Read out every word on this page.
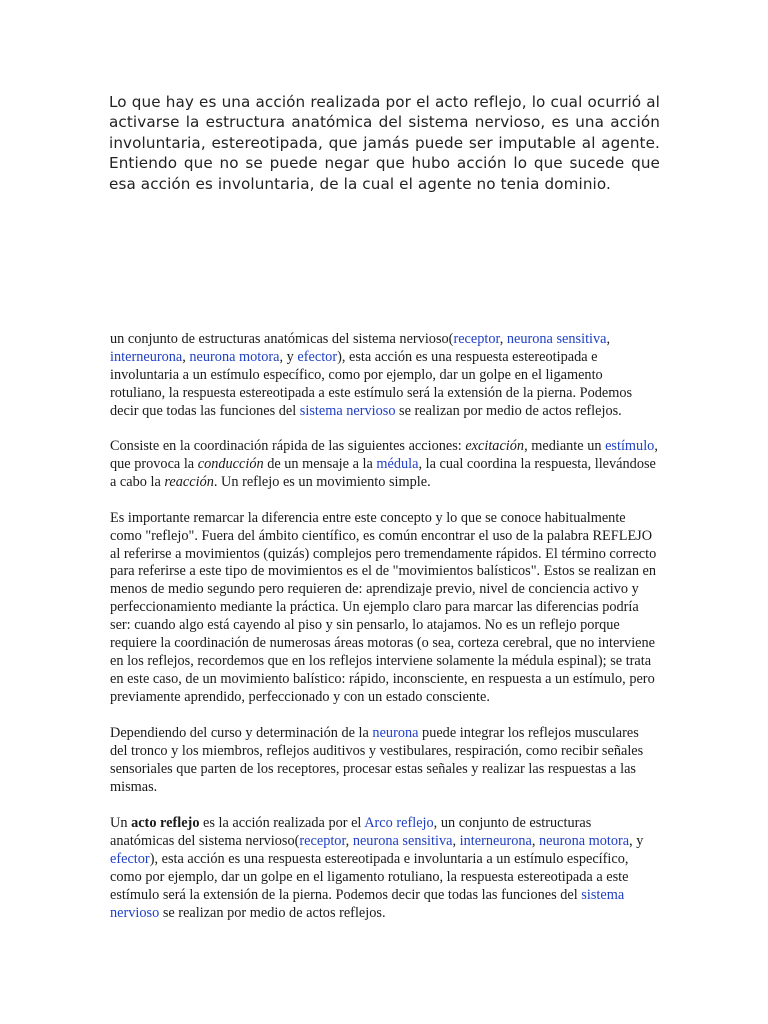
Lo que hay es una acción realizada por el acto reflejo, lo cual ocurrió al activarse la estructura anatómica del sistema nervioso, es una acción involuntaria, estereotipada, que jamás puede ser imputable al agente. Entiendo que no se puede negar que hubo acción lo que sucede que esa acción es involuntaria, de la cual el agente no tenia dominio.

un conjunto de estructuras anatómicas del sistema nervioso(receptor, neurona sensitiva, interneurona, neurona motora, y efector), esta acción es una respuesta estereotipada e involuntaria a un estímulo específico, como por ejemplo, dar un golpe en el ligamento rotuliano, la respuesta estereotipada a este estímulo será la extensión de la pierna. Podemos decir que todas las funciones del sistema nervioso se realizan por medio de actos reflejos.

Consiste en la coordinación rápida de las siguientes acciones: excitación, mediante un estímulo, que provoca la conducción de un mensaje a la médula, la cual coordina la respuesta, llevándose a cabo la reacción. Un reflejo es un movimiento simple.

Es importante remarcar la diferencia entre este concepto y lo que se conoce habitualmente como "reflejo". Fuera del ámbito científico, es común encontrar el uso de la palabra REFLEJO al referirse a movimientos (quizás) complejos pero tremendamente rápidos. El término correcto para referirse a este tipo de movimientos es el de "movimientos balísticos". Estos se realizan en menos de medio segundo pero requieren de: aprendizaje previo, nivel de conciencia activo y perfeccionamiento mediante la práctica. Un ejemplo claro para marcar las diferencias podría ser: cuando algo está cayendo al piso y sin pensarlo, lo atajamos. No es un reflejo porque requiere la coordinación de numerosas áreas motoras (o sea, corteza cerebral, que no interviene en los reflejos, recordemos que en los reflejos interviene solamente la médula espinal); se trata en este caso, de un movimiento balístico: rápido, inconsciente, en respuesta a un estímulo, pero previamente aprendido, perfeccionado y con un estado consciente.

Dependiendo del curso y determinación de la neurona puede integrar los reflejos musculares del tronco y los miembros, reflejos auditivos y vestibulares, respiración, como recibir señales sensoriales que parten de los receptores, procesar estas señales y realizar las respuestas a las mismas.

Un acto reflejo es la acción realizada por el Arco reflejo, un conjunto de estructuras anatómicas del sistema nervioso(receptor, neurona sensitiva, interneurona, neurona motora, y efector), esta acción es una respuesta estereotipada e involuntaria a un estímulo específico, como por ejemplo, dar un golpe en el ligamento rotuliano, la respuesta estereotipada a este estímulo será la extensión de la pierna. Podemos decir que todas las funciones del sistema nervioso se realizan por medio de actos reflejos.
